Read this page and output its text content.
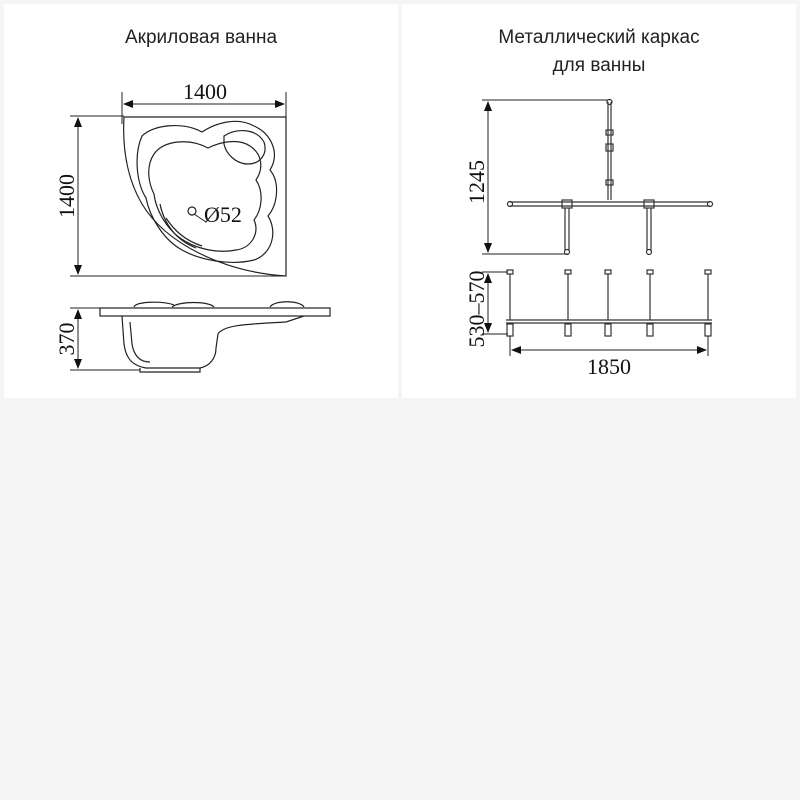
Акриловая ванна
1400
1400	Ø52
370
Металлический каркас
для ванны
1245
530–570
1850
